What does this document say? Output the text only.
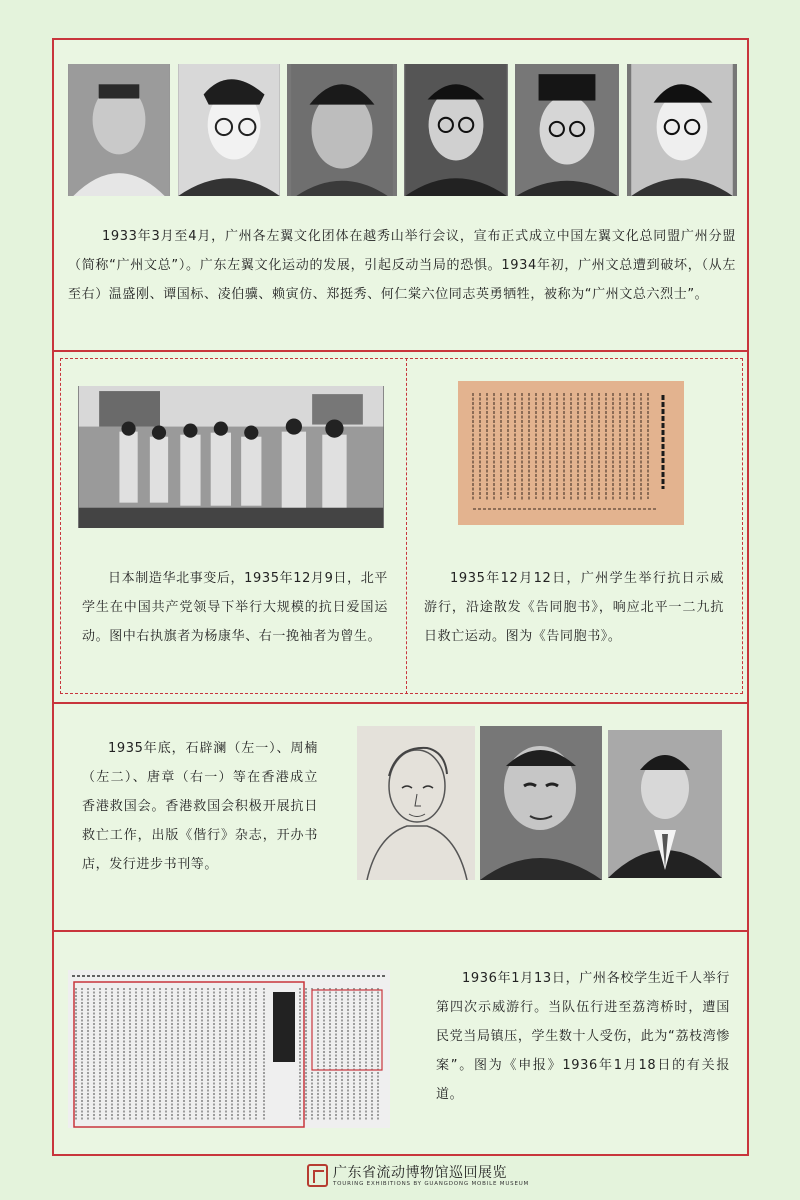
1933年3月至4月，广州各左翼文化团体在越秀山举行会议，宣布正式成立中国左翼文化总同盟广州分盟（简称“广州文总”）。广东左翼文化运动的发展，引起反动当局的恐惧。1934年初，广州文总遭到破坏，（从左至右）温盛刚、谭国标、凌伯骥、赖寅仿、郑挺秀、何仁棠六位同志英勇牺牲，被称为“广州文总六烈士”。

日本制造华北事变后，1935年12月9日，北平学生在中国共产党领导下举行大规模的抗日爱国运动。图中右执旗者为杨康华、右一挽袖者为曾生。

1935年12月12日，广州学生举行抗日示威游行，沿途散发《告同胞书》，响应北平一二九抗日救亡运动。图为《告同胞书》。

1935年底，石辟澜（左一）、周楠（左二）、唐章（右一）等在香港成立香港救国会。香港救国会积极开展抗日救亡工作，出版《偕行》杂志，开办书店，发行进步书刊等。

1936年1月13日，广州各校学生近千人举行第四次示威游行。当队伍行进至荔湾桥时，遭国民党当局镇压，学生数十人受伤，此为“荔枝湾惨案”。图为《申报》1936年1月18日的有关报道。

广东省流动博物馆巡回展览
TOURING EXHIBITIONS BY GUANGDONG MOBILE MUSEUM
